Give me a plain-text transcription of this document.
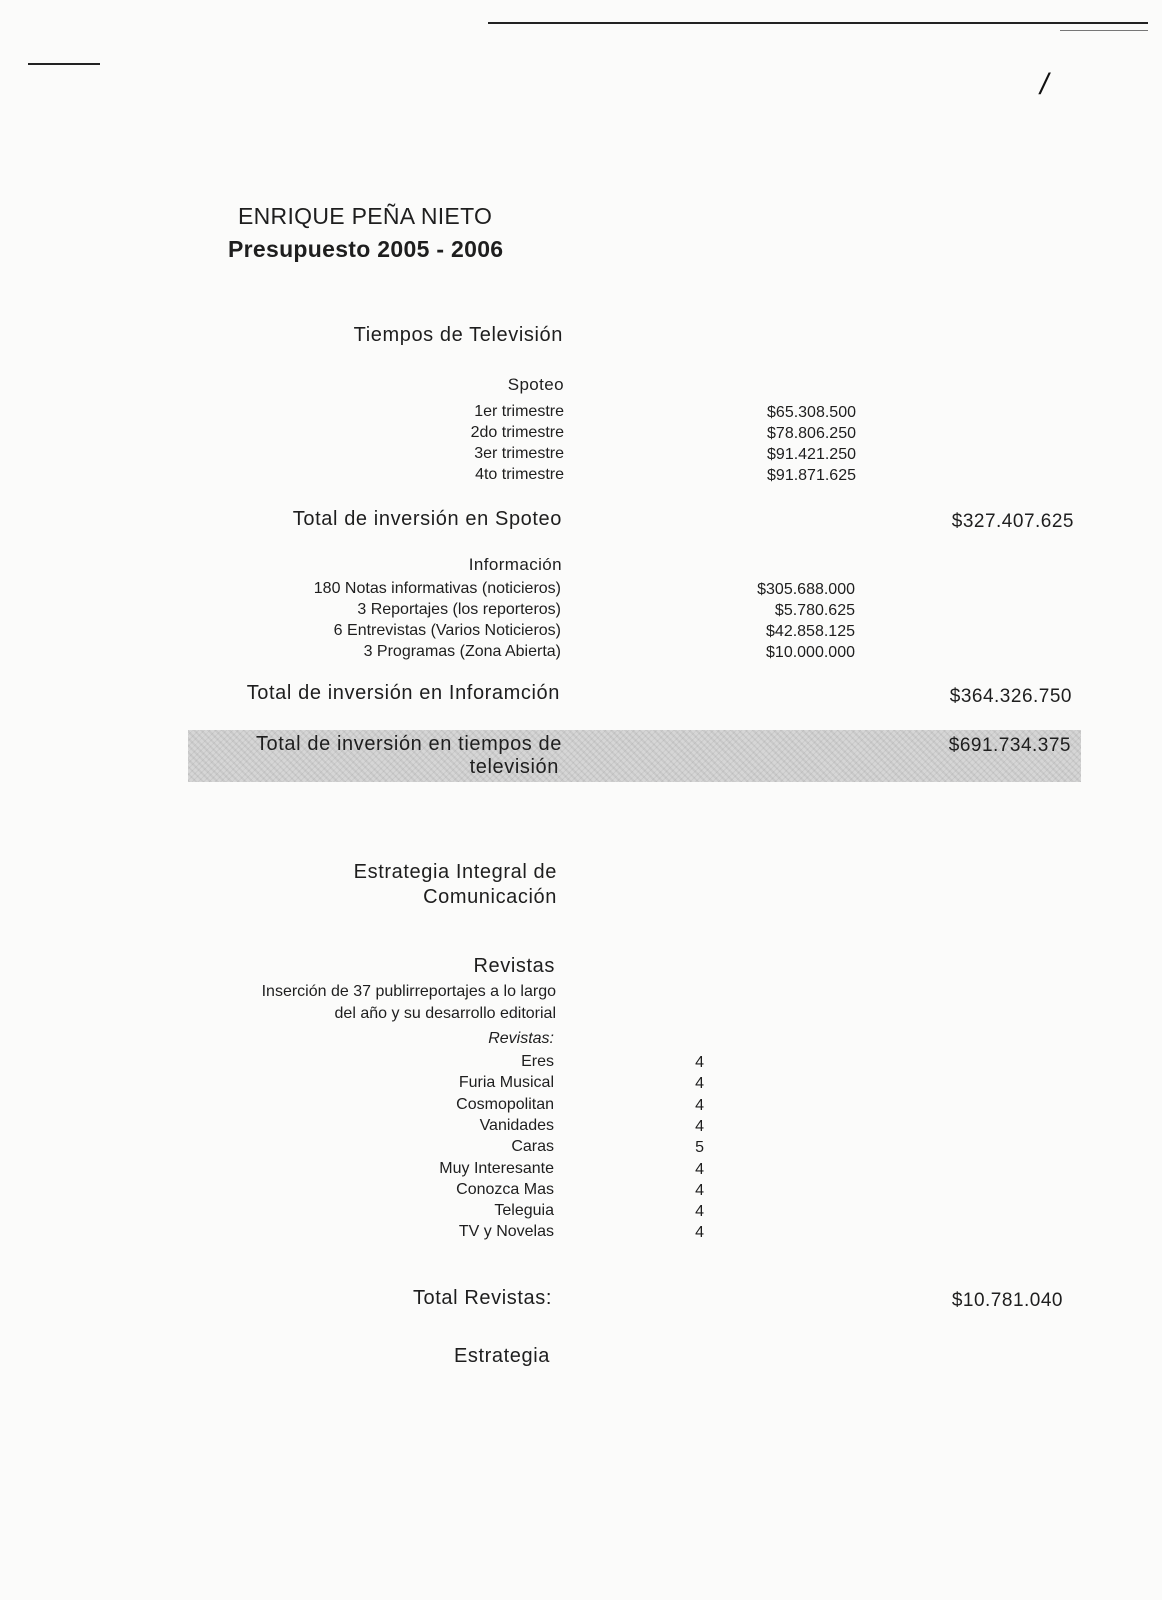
/
ENRIQUE PEÑA NIETO
Presupuesto 2005 - 2006
Tiempos de Televisión
Spoteo
1er trimestre	$65.308.500
2do trimestre	$78.806.250
3er trimestre	$91.421.250
4to trimestre	$91.871.625
Total de inversión en Spoteo	$327.407.625
Información
180 Notas informativas (noticieros)	$305.688.000
3 Reportajes (los reporteros)	$5.780.625
6 Entrevistas (Varios Noticieros)	$42.858.125
3 Programas (Zona Abierta)	$10.000.000
Total de inversión en Inforamción	$364.326.750
Total de inversión en tiempos de
televisión
$691.734.375
Estrategia Integral de
Comunicación
Revistas
Inserción de 37 publirreportajes a lo largo
del año y su desarrollo editorial
Revistas:
Eres	4
Furia Musical	4
Cosmopolitan	4
Vanidades	4
Caras	5
Muy Interesante	4
Conozca Mas	4
Teleguia	4
TV y Novelas	4
Total Revistas:	$10.781.040
Estrategia
